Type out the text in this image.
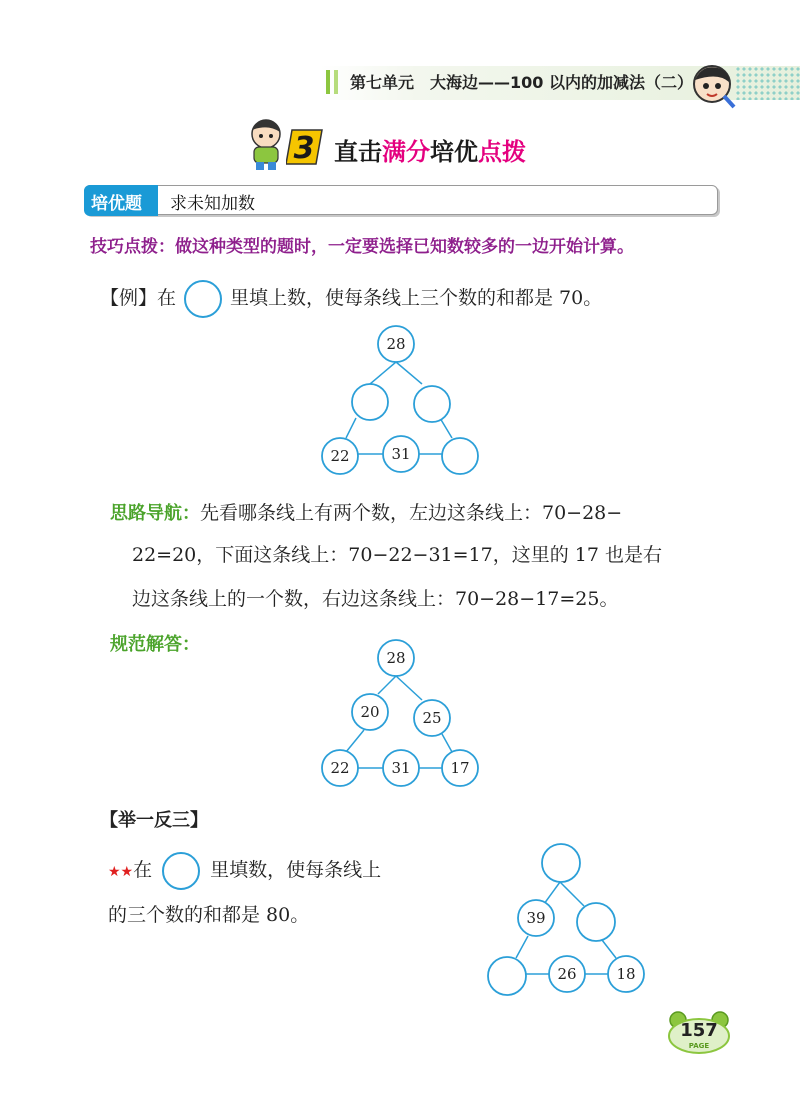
第七单元　大海边——100 以内的加减法（二）
3 直击满分培优点拨
培优题 求未知加数
技巧点拨：做这种类型的题时，一定要选择已知数较多的一边开始计算。
【例】在	里填上数，使每条线上三个数的和都是 70。
28
22	31
思路导航：先看哪条线上有两个数，左边这条线上：70−28−
22=20，下面这条线上：70−22−31=17，这里的 17 也是右
边这条线上的一个数，右边这条线上：70−28−17=25。
规范解答：
28
20	25
22	31	17
【举一反三】
★★在	里填数，使每条线上
的三个数的和都是 80。	39
26	18
157
PAGE
